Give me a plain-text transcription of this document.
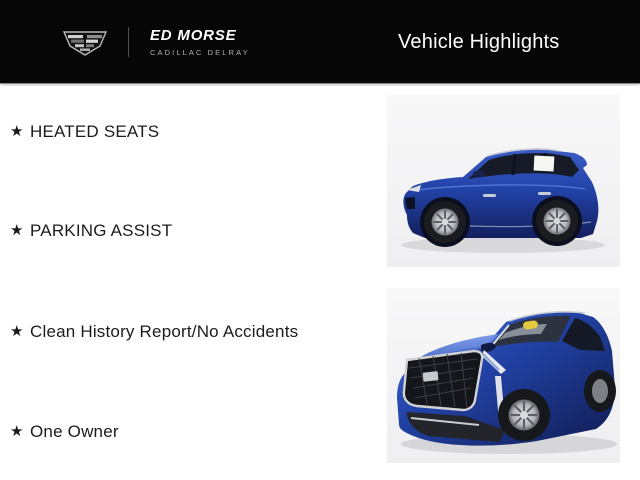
ED MORSE
CADILLAC DELRAY	Vehicle Highlights
★ HEATED SEATS
★ PARKING ASSIST
★ Clean History Report/No Accidents
★ One Owner
